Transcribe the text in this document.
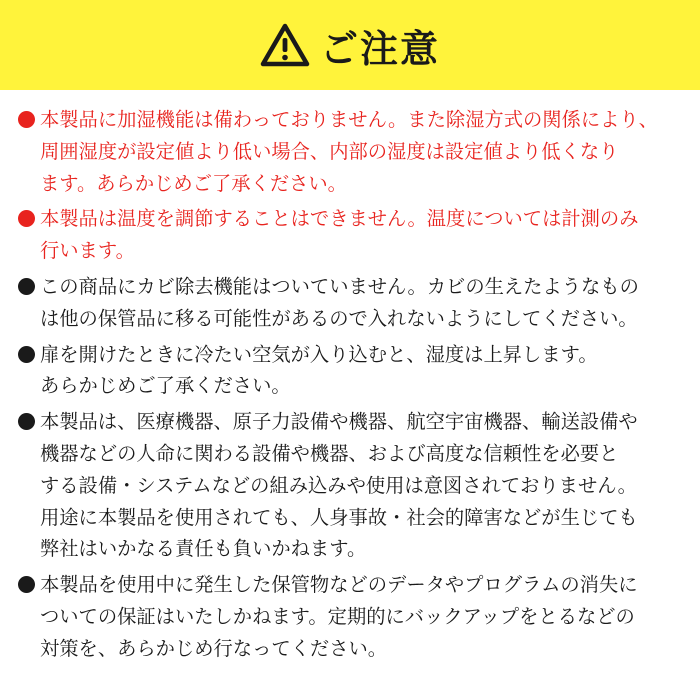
ご注意
本製品に加湿機能は備わっておりません。また除湿方式の関係により、
周囲湿度が設定値より低い場合、内部の湿度は設定値より低くなり
ます。あらかじめご了承ください。
本製品は温度を調節することはできません。温度については計測のみ
行います。
この商品にカビ除去機能はついていません。カビの生えたようなもの
は他の保管品に移る可能性があるので入れないようにしてください。
扉を開けたときに冷たい空気が入り込むと、湿度は上昇します。
あらかじめご了承ください。
本製品は、医療機器、原子力設備や機器、航空宇宙機器、輸送設備や
機器などの人命に関わる設備や機器、および高度な信頼性を必要と
する設備・システムなどの組み込みや使用は意図されておりません。
用途に本製品を使用されても、人身事故・社会的障害などが生じても
弊社はいかなる責任も負いかねます。
本製品を使用中に発生した保管物などのデータやプログラムの消失に
ついての保証はいたしかねます。定期的にバックアップをとるなどの
対策を、あらかじめ行なってください。
